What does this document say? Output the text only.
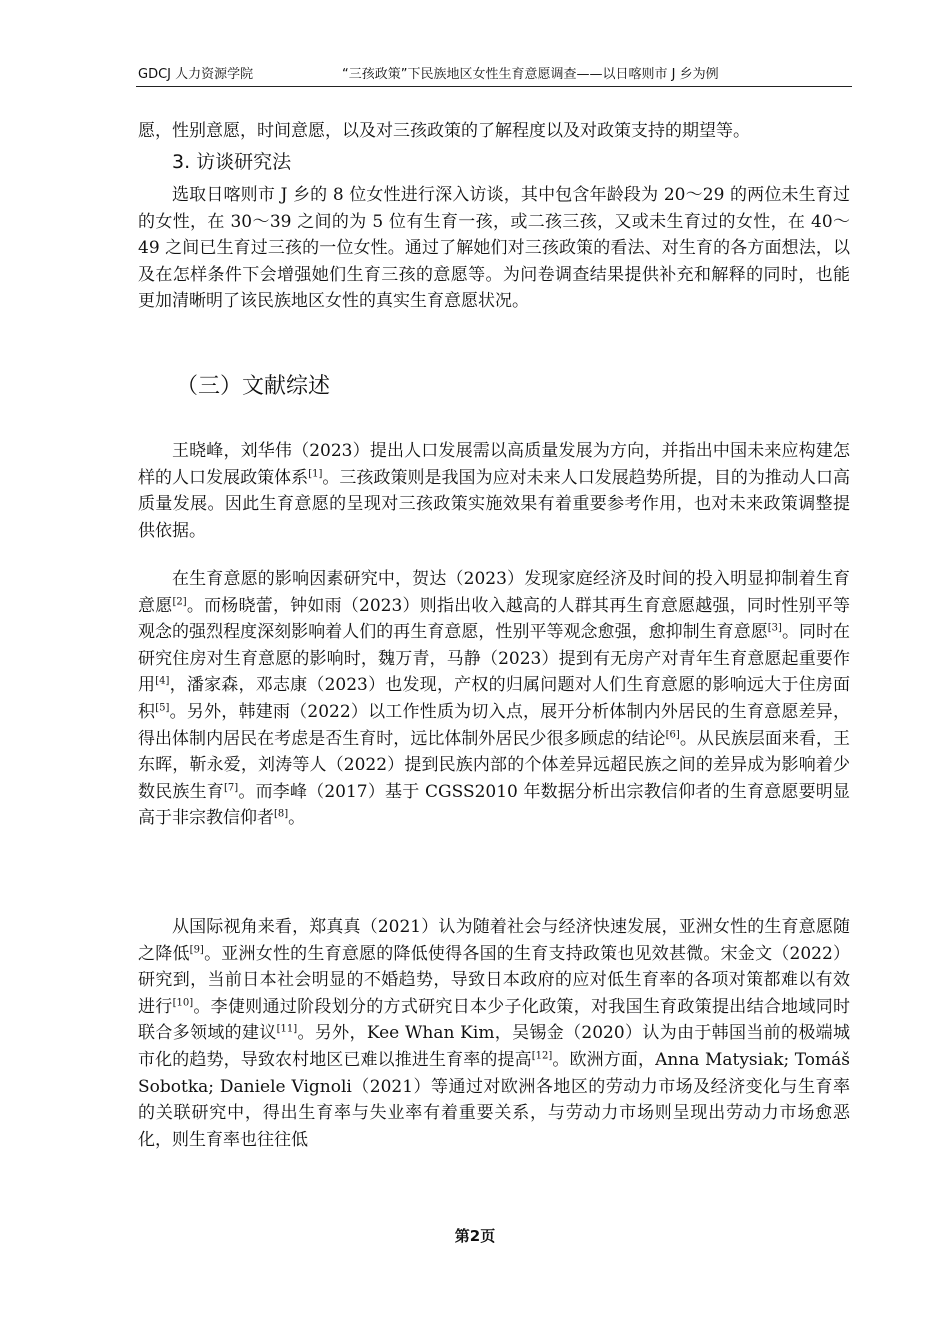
GDCJ 人力资源学院	“三孩政策”下民族地区女性生育意愿调查——以日喀则市 J 乡为例

愿，性别意愿，时间意愿，以及对三孩政策的了解程度以及对政策支持的期望等。

3. 访谈研究法

选取日喀则市 J 乡的 8 位女性进行深入访谈，其中包含年龄段为 20～29 的两位未生育过的女性，在 30～39 之间的为 5 位有生育一孩，或二孩三孩，又或未生育过的女性，在 40～49 之间已生育过三孩的一位女性。通过了解她们对三孩政策的看法、对生育的各方面想法，以及在怎样条件下会增强她们生育三孩的意愿等。为问卷调查结果提供补充和解释的同时，也能更加清晰明了该民族地区女性的真实生育意愿状况。

（三）文献综述

王晓峰，刘华伟（2023）提出人口发展需以高质量发展为方向，并指出中国未来应构建怎样的人口发展政策体系[1]。三孩政策则是我国为应对未来人口发展趋势所提，目的为推动人口高质量发展。因此生育意愿的呈现对三孩政策实施效果有着重要参考作用，也对未来政策调整提供依据。

在生育意愿的影响因素研究中，贺达（2023）发现家庭经济及时间的投入明显抑制着生育意愿[2]。而杨晓蕾，钟如雨（2023）则指出收入越高的人群其再生育意愿越强，同时性别平等观念的强烈程度深刻影响着人们的再生育意愿，性别平等观念愈强，愈抑制生育意愿[3]。同时在研究住房对生育意愿的影响时，魏万青，马静（2023）提到有无房产对青年生育意愿起重要作用[4]，潘家森，邓志康（2023）也发现，产权的归属问题对人们生育意愿的影响远大于住房面积[5]。另外，韩建雨（2022）以工作性质为切入点，展开分析体制内外居民的生育意愿差异，得出体制内居民在考虑是否生育时，远比体制外居民少很多顾虑的结论[6]。从民族层面来看，王东晖，靳永爱，刘涛等人（2022）提到民族内部的个体差异远超民族之间的差异成为影响着少数民族生育[7]。而李峰（2017）基于 CGSS2010 年数据分析出宗教信仰者的生育意愿要明显高于非宗教信仰者[8]。

从国际视角来看，郑真真（2021）认为随着社会与经济快速发展，亚洲女性的生育意愿随之降低[9]。亚洲女性的生育意愿的降低使得各国的生育支持政策也见效甚微。宋金文（2022）研究到，当前日本社会明显的不婚趋势，导致日本政府的应对低生育率的各项对策都难以有效进行[10]。李倢则通过阶段划分的方式研究日本少子化政策，对我国生育政策提出结合地域同时联合多领域的建议[11]。另外，Kee Whan Kim，吴锡金（2020）认为由于韩国当前的极端城市化的趋势，导致农村地区已难以推进生育率的提高[12]。欧洲方面，Anna Matysiak; Tomáš Sobotka; Daniele Vignoli（2021）等通过对欧洲各地区的劳动力市场及经济变化与生育率的关联研究中，得出生育率与失业率有着重要关系，与劳动力市场则呈现出劳动力市场愈恶化，则生育率也往往低

第2页
